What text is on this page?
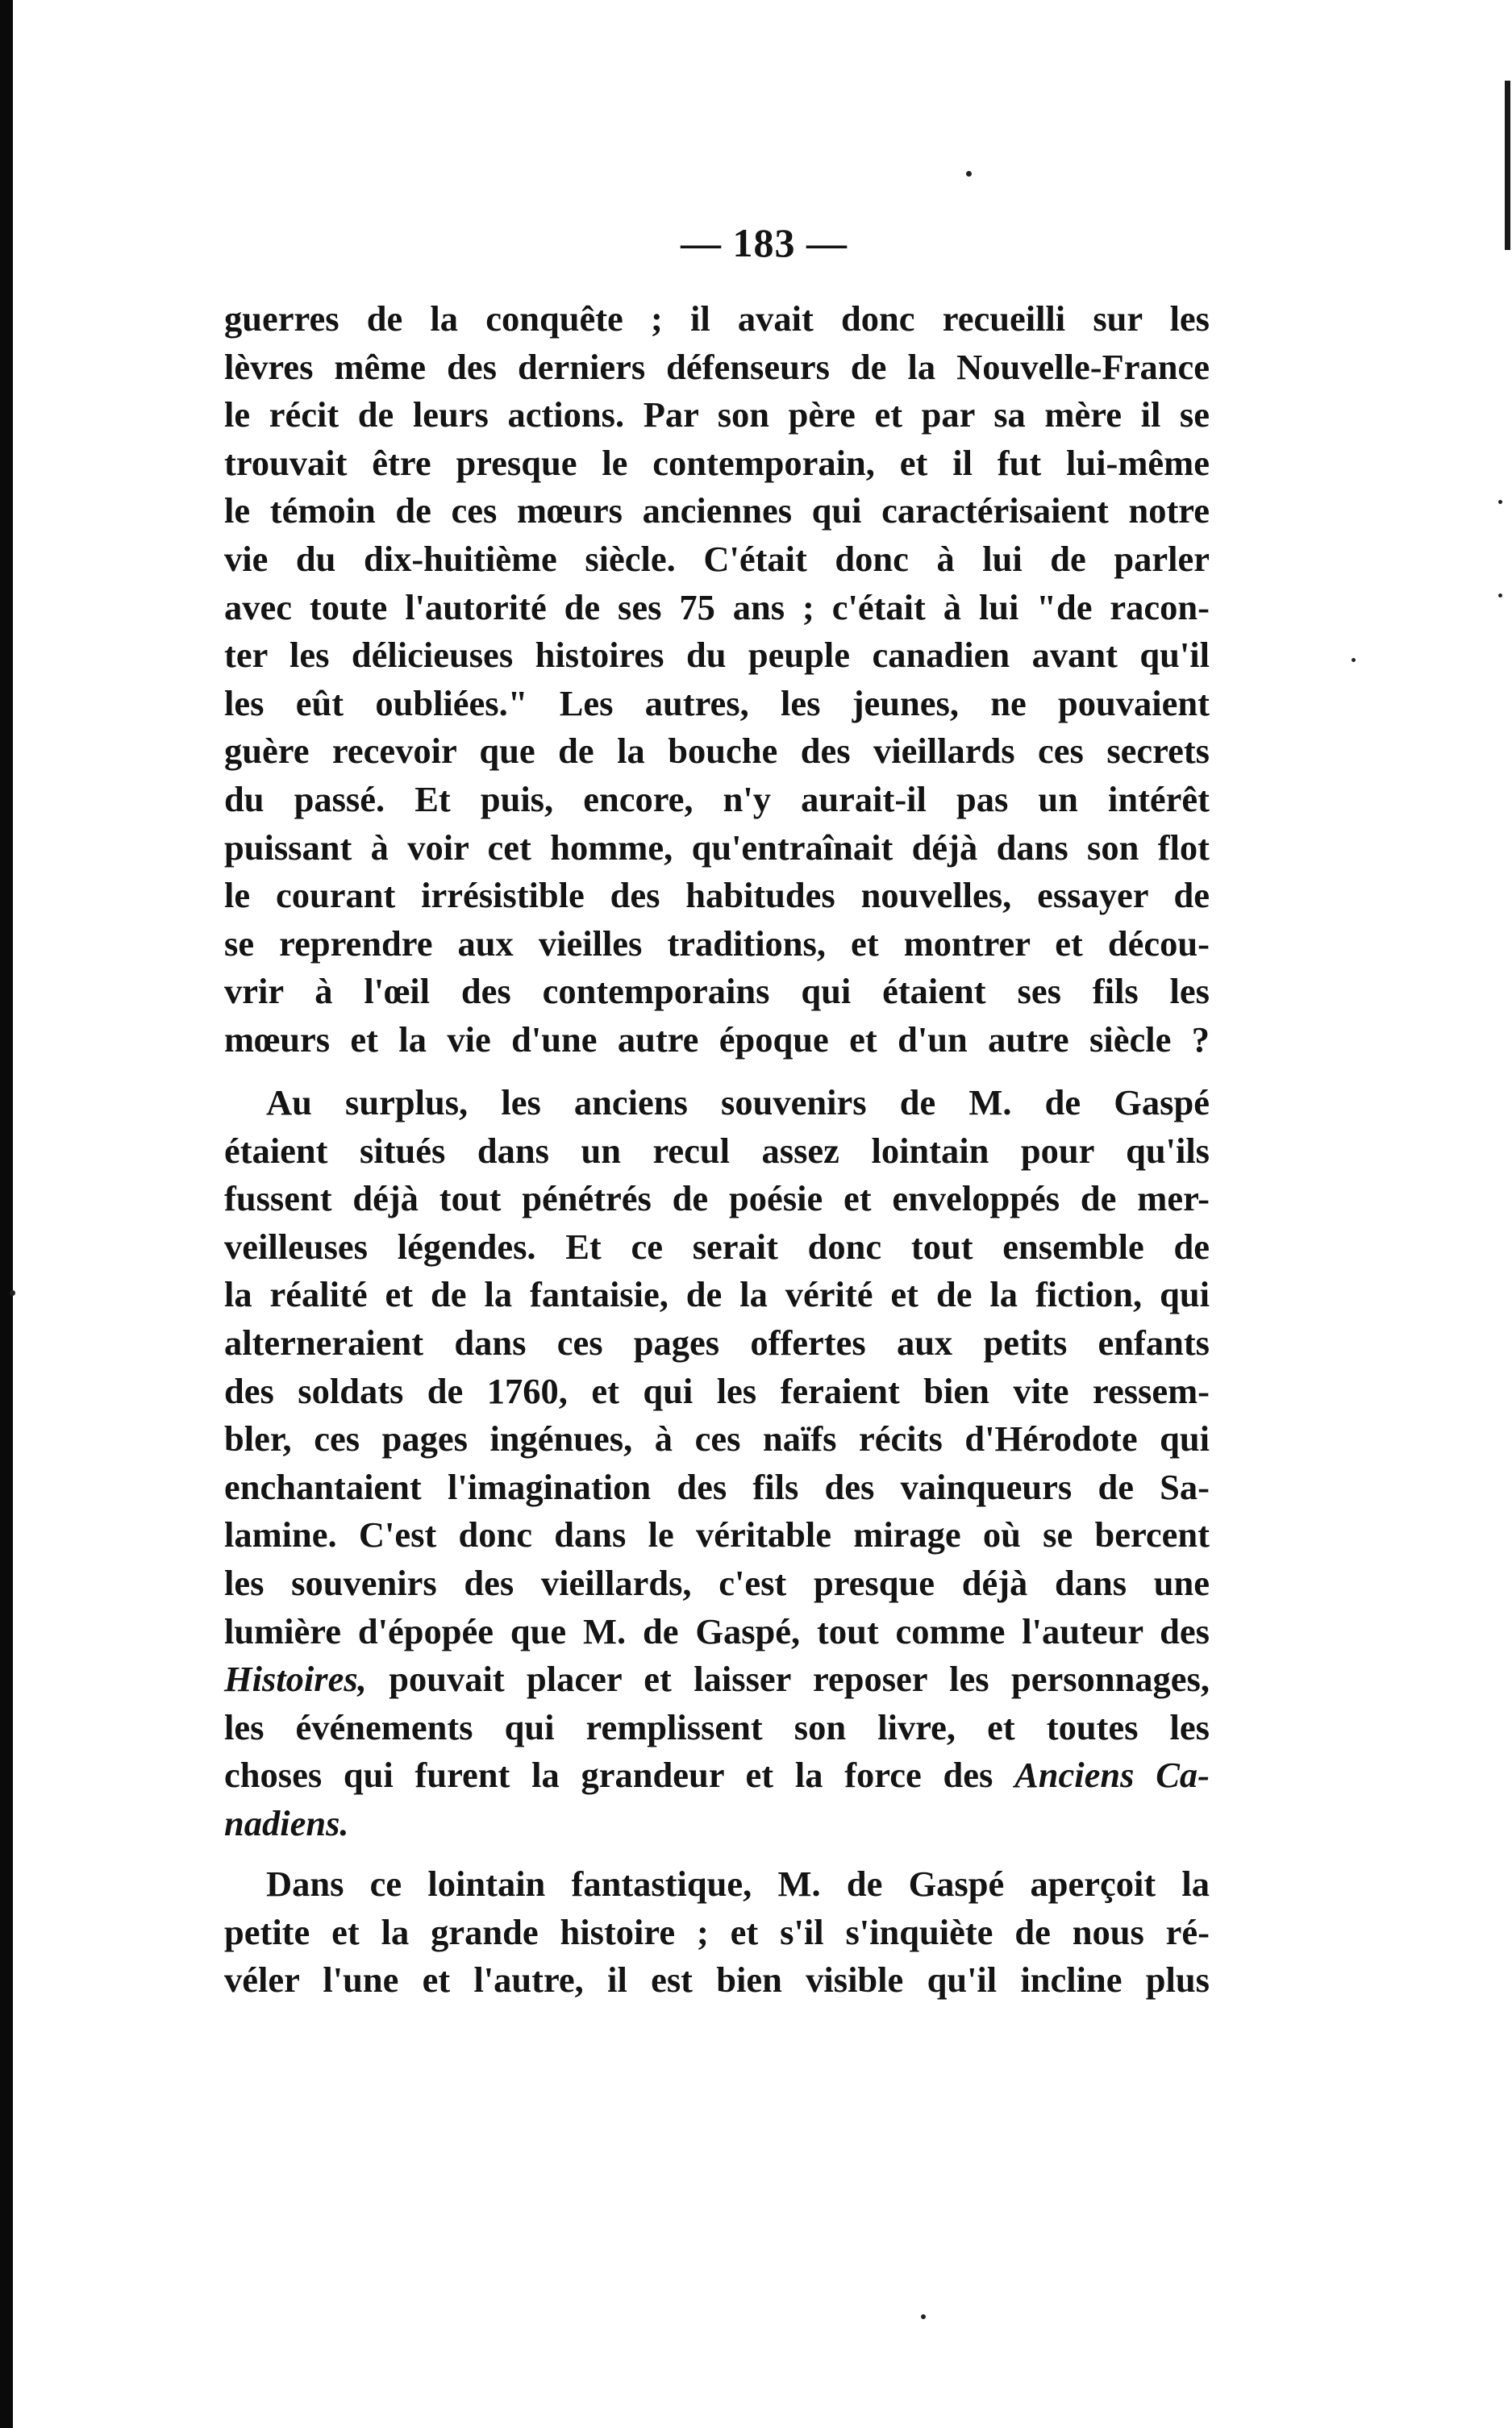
— 183 —
guerres de la conquête ; il avait donc recueilli sur les
lèvres même des derniers défenseurs de la Nouvelle-France
le récit de leurs actions. Par son père et par sa mère il se
trouvait être presque le contemporain, et il fut lui-même
le témoin de ces mœurs anciennes qui caractérisaient notre
vie du dix-huitième siècle. C'était donc à lui de parler
avec toute l'autorité de ses 75 ans ; c'était à lui "de racon-
ter les délicieuses histoires du peuple canadien avant qu'il
les eût oubliées." Les autres, les jeunes, ne pouvaient
guère recevoir que de la bouche des vieillards ces secrets
du passé. Et puis, encore, n'y aurait-il pas un intérêt
puissant à voir cet homme, qu'entraînait déjà dans son flot
le courant irrésistible des habitudes nouvelles, essayer de
se reprendre aux vieilles traditions, et montrer et décou-
vrir à l'œil des contemporains qui étaient ses fils les
mœurs et la vie d'une autre époque et d'un autre siècle ?
Au surplus, les anciens souvenirs de M. de Gaspé
étaient situés dans un recul assez lointain pour qu'ils
fussent déjà tout pénétrés de poésie et enveloppés de mer-
veilleuses légendes. Et ce serait donc tout ensemble de
la réalité et de la fantaisie, de la vérité et de la fiction, qui
alterneraient dans ces pages offertes aux petits enfants
des soldats de 1760, et qui les feraient bien vite ressem-
bler, ces pages ingénues, à ces naïfs récits d'Hérodote qui
enchantaient l'imagination des fils des vainqueurs de Sa-
lamine. C'est donc dans le véritable mirage où se bercent
les souvenirs des vieillards, c'est presque déjà dans une
lumière d'épopée que M. de Gaspé, tout comme l'auteur des
Histoires, pouvait placer et laisser reposer les personnages,
les événements qui remplissent son livre, et toutes les
choses qui furent la grandeur et la force des Anciens Ca-
nadiens.
Dans ce lointain fantastique, M. de Gaspé aperçoit la
petite et la grande histoire ; et s'il s'inquiète de nous ré-
véler l'une et l'autre, il est bien visible qu'il incline plus
